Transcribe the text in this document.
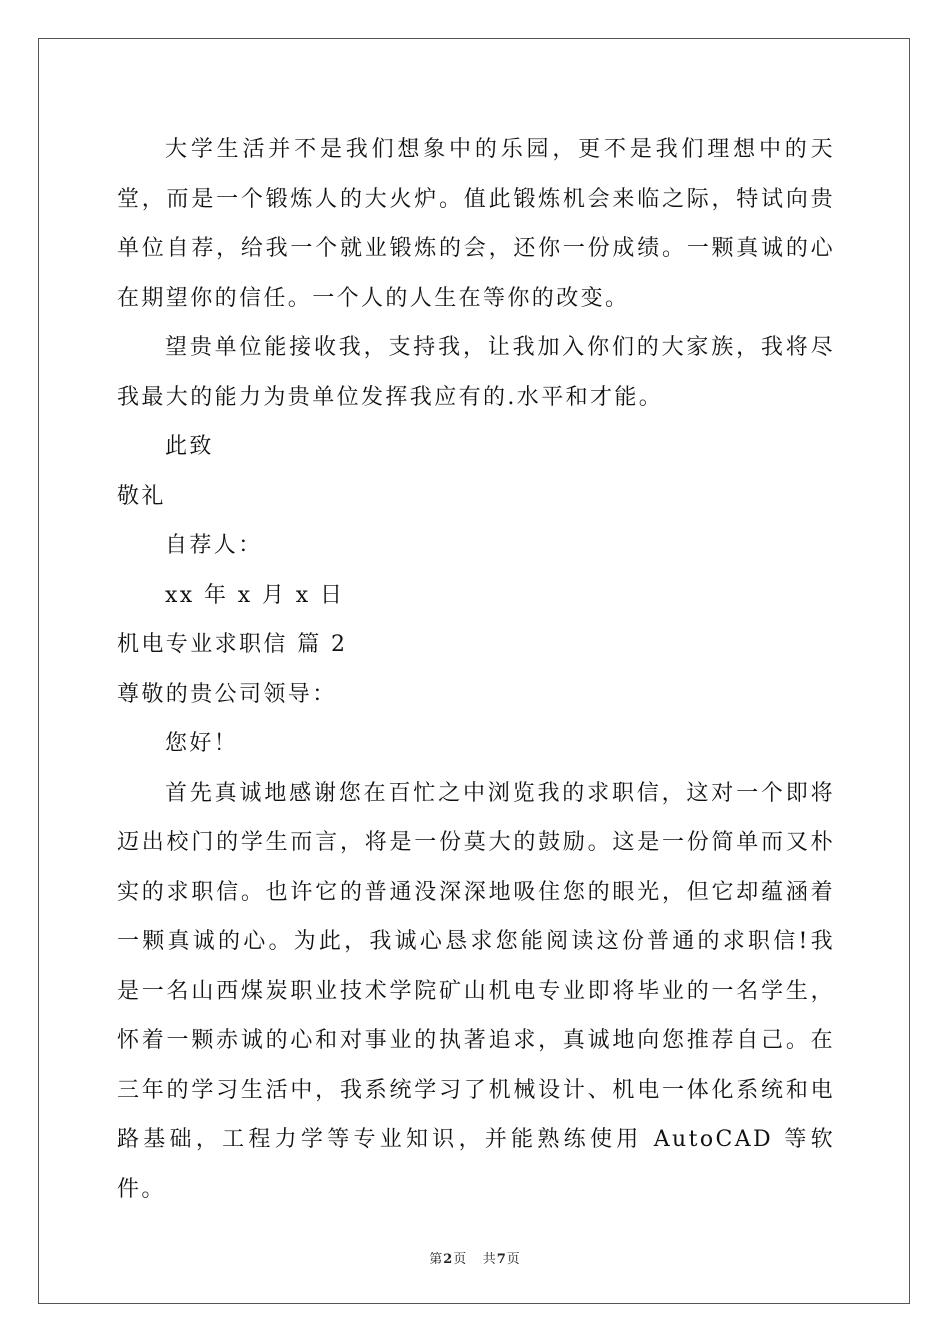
大学生活并不是我们想象中的乐园，更不是我们理想中的天堂，而是一个锻炼人的大火炉。值此锻炼机会来临之际，特试向贵单位自荐，给我一个就业锻炼的会，还你一份成绩。一颗真诚的心在期望你的信任。一个人的人生在等你的改变。

望贵单位能接收我，支持我，让我加入你们的大家族，我将尽我最大的能力为贵单位发挥我应有的.水平和才能。

此致

敬礼

自荐人：

xx 年 x 月 x 日

机电专业求职信 篇 2

尊敬的贵公司领导：

您好！

首先真诚地感谢您在百忙之中浏览我的求职信，这对一个即将迈出校门的学生而言，将是一份莫大的鼓励。这是一份简单而又朴实的求职信。也许它的普通没深深地吸住您的眼光，但它却蕴涵着一颗真诚的心。为此，我诚心恳求您能阅读这份普通的求职信!我是一名山西煤炭职业技术学院矿山机电专业即将毕业的一名学生，怀着一颗赤诚的心和对事业的执著追求，真诚地向您推荐自己。在三年的学习生活中，我系统学习了机械设计、机电一体化系统和电路基础，工程力学等专业知识，并能熟练使用 AutoCAD 等软件。

第2页 共7页
